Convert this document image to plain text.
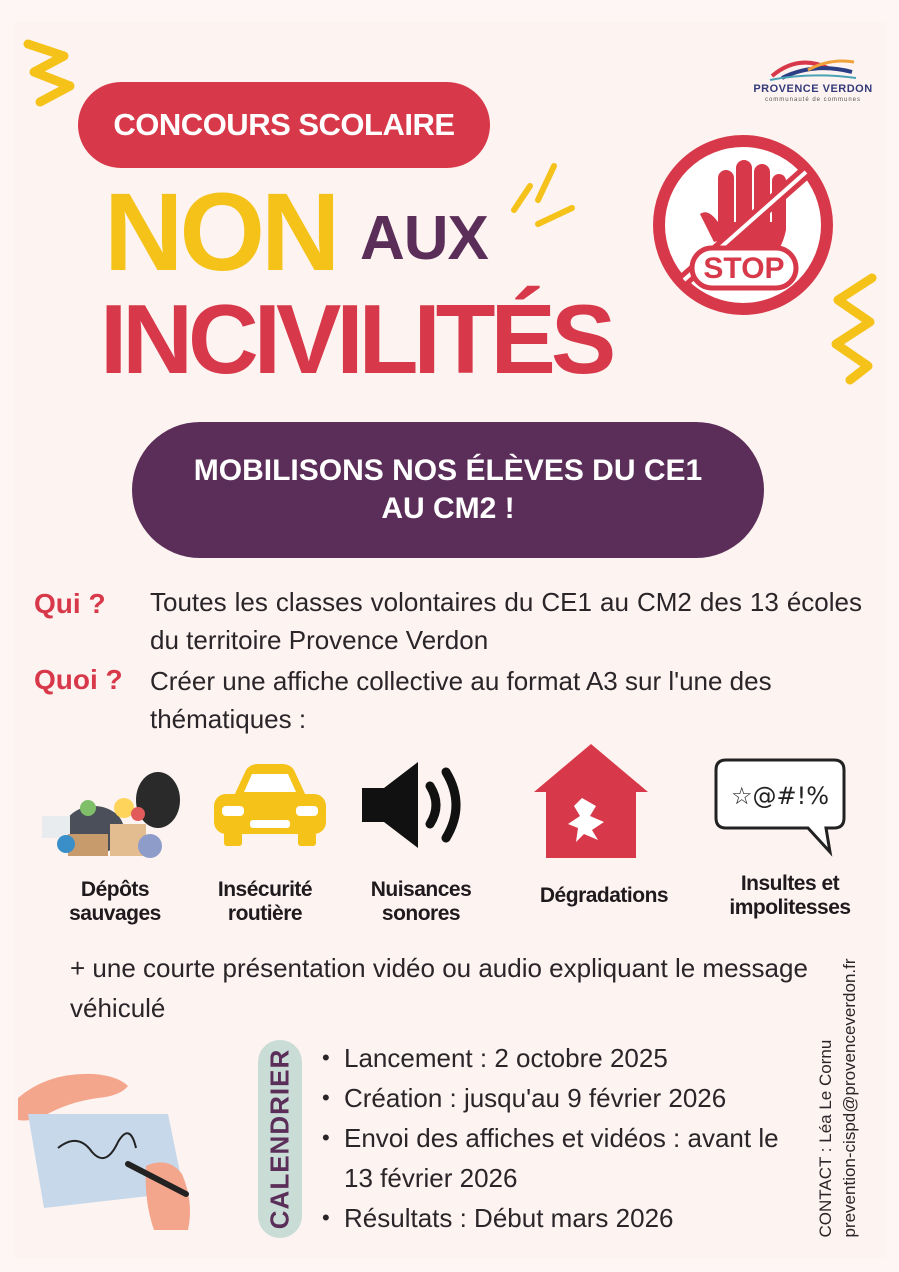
PROVENCE VERDON
communauté de communes
CONCOURS SCOLAIRE
NON AUX
INCIVILITÉS
STOP
MOBILISONS NOS ÉLÈVES DU CE1 AU CM2 !
Qui ? Toutes les classes volontaires du CE1 au CM2 des 13 écoles du territoire Provence Verdon
Quoi ? Créer une affiche collective au format A3 sur l'une des thématiques :
☆@#!%
Dépôts sauvages
Insécurité routière
Nuisances sonores
Dégradations
Insultes et impolitesses
+ une courte présentation vidéo ou audio expliquant le message véhiculé
CALENDRIER
•	Lancement : 2 octobre 2025
• Création : jusqu'au 9 février 2026
• Envoi des affiches et vidéos : avant le 13 février 2026
• Résultats : Début mars 2026	CONTACT : Léa Le Cornu prevention-cispd@provenceverdon.fr
